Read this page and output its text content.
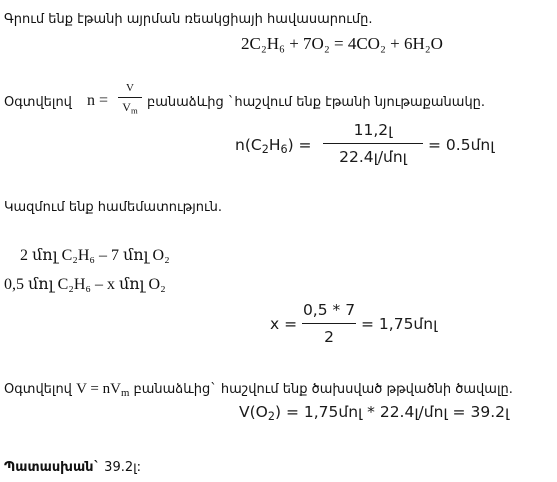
Գրում ենք էթանի այրման ռեակցիայի հավասարումը.
2C₂H₆ + 7O₂ = 4CO₂ + 6H₂O
Օգտվելով n =
V
$V_m$
բանաձևից `հաշվում ենք էթանի նյութաքանակը.
$n(C_2H_6)$ =
11,2լ
22.4լ/մոլ
= 0.5մոլ
Կազմում ենք համեմատություն.
2 մոլ C₂H₆ – 7 մոլ O₂
0,5 մոլ C₂H₆ – x մոլ O₂
x =
0,5 * 7
2
= 1,75մոլ
Օգտվելով $V = nV_m$ բանաձևից` հաշվում ենք ծախսված թթվածնի ծավալը.
$V(O_2)$ = 1,75մոլ * 22.4լ/մոլ = 39.2լ
Պատասխան` 39.2լ:
